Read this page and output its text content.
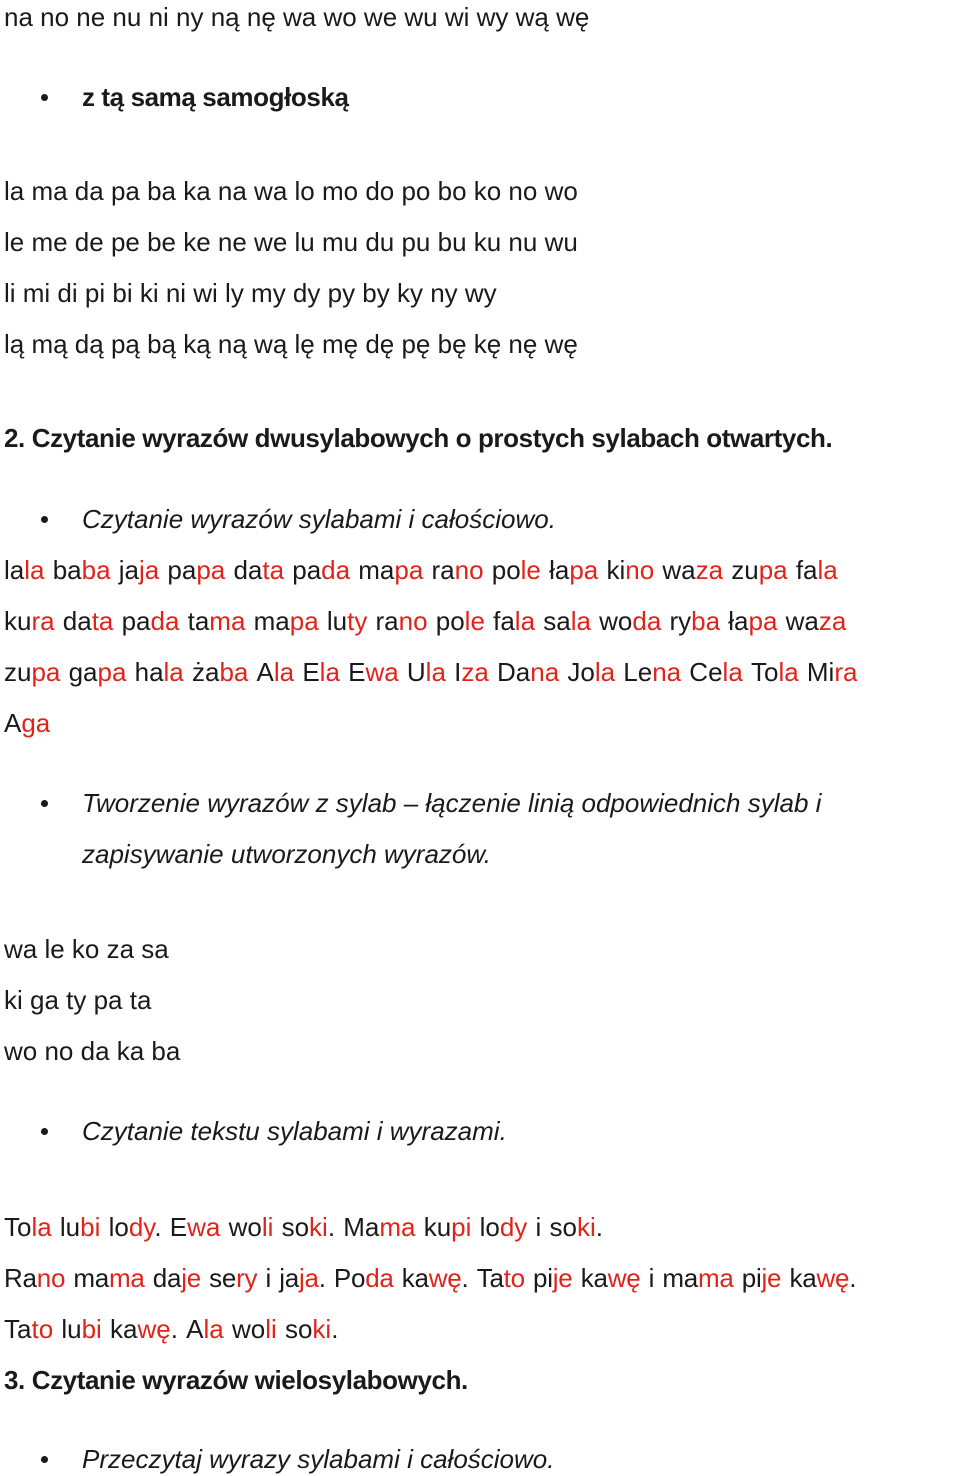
na no ne nu ni ny ną nę wa wo we wu wi wy wą wę
z tą samą samogłoską
la ma da pa ba ka na wa lo mo do po bo ko no wo
le me de pe be ke ne we lu mu du pu bu ku nu wu
li mi di pi bi ki ni wi ly my dy py by ky ny wy
lą mą dą pą bą ką ną wą lę mę dę pę bę kę nę wę
2. Czytanie wyrazów dwusylabowych o prostych sylabach otwartych.
Czytanie wyrazów sylabami i całościowo.
lala baba jaja papa data pada mapa rano pole łapa kino waza zupa fala
kura data pada tama mapa luty rano pole fala sala woda ryba łapa waza
zupa gapa hala żaba Ala Ela Ewa Ula Iza Dana Jola Lena Cela Tola Mira
Aga
Tworzenie wyrazów z sylab – łączenie linią odpowiednich sylab i
zapisywanie utworzonych wyrazów.
wa le ko za sa
ki ga ty pa ta
wo no da ka ba
Czytanie tekstu sylabami i wyrazami.
Tola lubi lody. Ewa woli soki. Mama kupi lody i soki.
Rano mama daje sery i jaja. Poda kawę. Tato pije kawę i mama pije kawę.
Tato lubi kawę. Ala woli soki.
3. Czytanie wyrazów wielosylabowych.
Przeczytaj wyrazy sylabami i całościowo.
